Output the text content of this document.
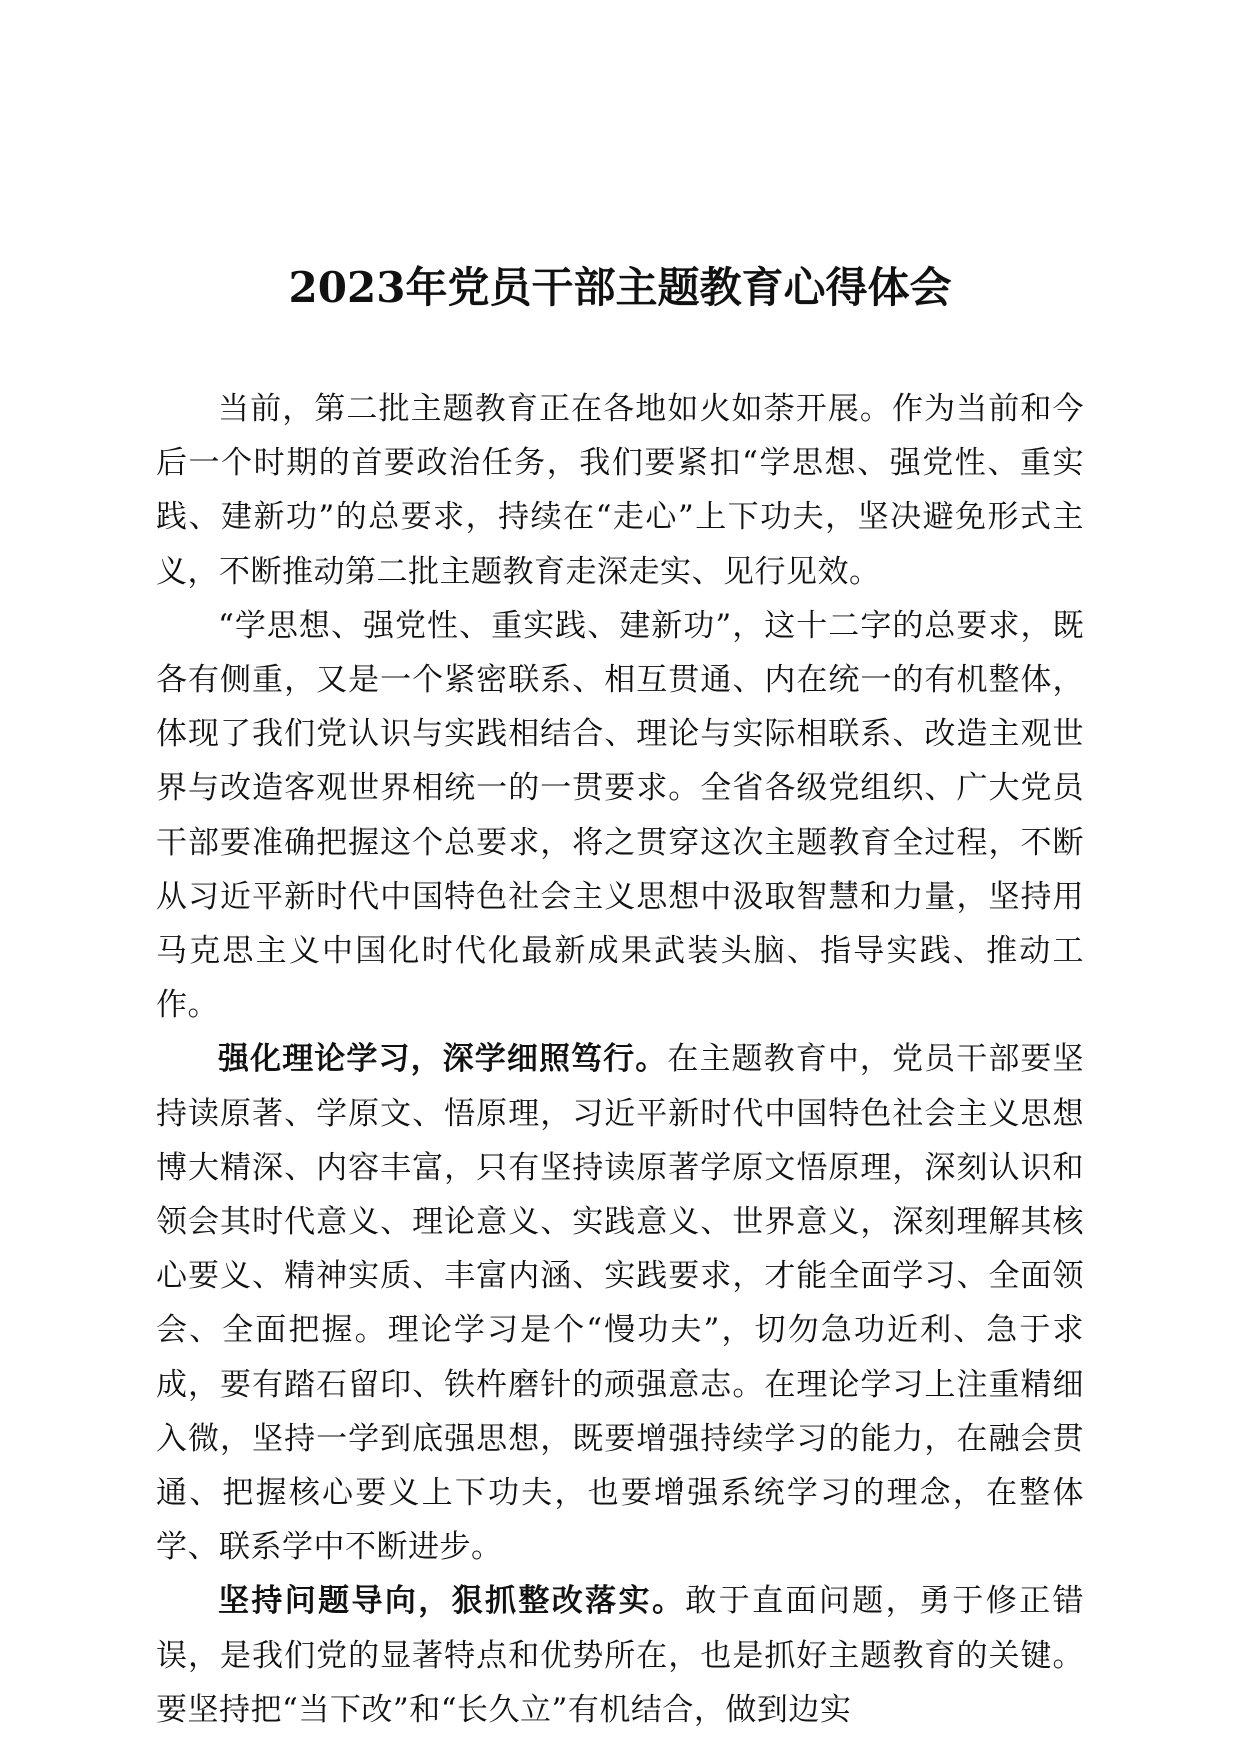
2023年党员干部主题教育心得体会

当前，第二批主题教育正在各地如火如荼开展。作为当前和今后一个时期的首要政治任务，我们要紧扣“学思想、强党性、重实践、建新功”的总要求，持续在“走心”上下功夫，坚决避免形式主义，不断推动第二批主题教育走深走实、见行见效。

“学思想、强党性、重实践、建新功”，这十二字的总要求，既各有侧重，又是一个紧密联系、相互贯通、内在统一的有机整体，体现了我们党认识与实践相结合、理论与实际相联系、改造主观世界与改造客观世界相统一的一贯要求。全省各级党组织、广大党员干部要准确把握这个总要求，将之贯穿这次主题教育全过程，不断从习近平新时代中国特色社会主义思想中汲取智慧和力量，坚持用马克思主义中国化时代化最新成果武装头脑、指导实践、推动工作。

强化理论学习，深学细照笃行。在主题教育中，党员干部要坚持读原著、学原文、悟原理，习近平新时代中国特色社会主义思想博大精深、内容丰富，只有坚持读原著学原文悟原理，深刻认识和领会其时代意义、理论意义、实践意义、世界意义，深刻理解其核心要义、精神实质、丰富内涵、实践要求，才能全面学习、全面领会、全面把握。理论学习是个“慢功夫”，切勿急功近利、急于求成，要有踏石留印、铁杵磨针的顽强意志。在理论学习上注重精细入微，坚持一学到底强思想，既要增强持续学习的能力，在融会贯通、把握核心要义上下功夫，也要增强系统学习的理念，在整体学、联系学中不断进步。

坚持问题导向，狠抓整改落实。敢于直面问题，勇于修正错误，是我们党的显著特点和优势所在，也是抓好主题教育的关键。要坚持把“当下改”和“长久立”有机结合，做到边实
